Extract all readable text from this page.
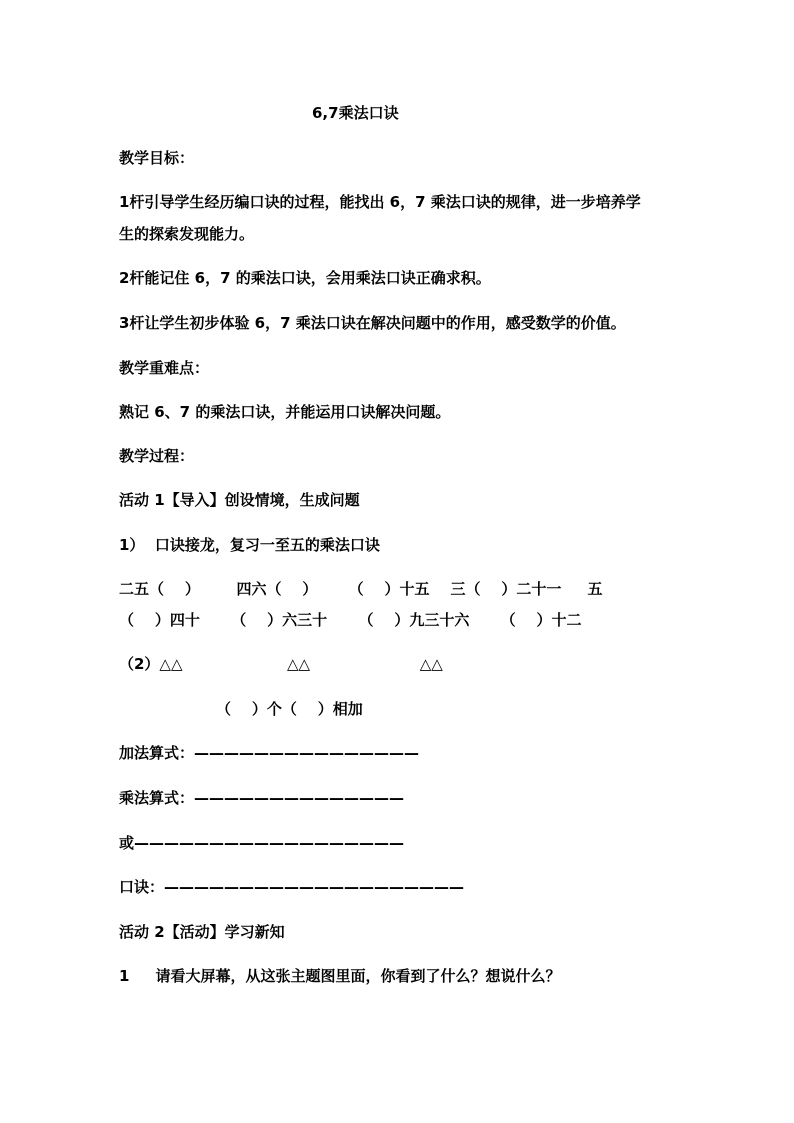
6,7乘法口诀

教学目标：

1杆引导学生经历编口诀的过程，能找出 6，7 乘法口诀的规律，进一步培养学

生的探索发现能力。

2杆能记住 6，7 的乘法口诀，会用乘法口诀正确求积。

3杆让学生初步体验 6，7 乘法口诀在解决问题中的作用，感受数学的价值。

教学重难点：

熟记 6、7 的乘法口诀，并能运用口诀解决问题。

教学过程：

活动 1【导入】创设情境，生成问题

1）  口诀接龙，复习一至五的乘法口诀

二五（    ）       四六（    ）      （    ）十五    三（    ）二十一     五

（    ）四十      （    ）六三十      （    ）九三十六      （    ）十二

（2）△△                    △△                     △△

（    ）个（    ）相加

加法算式：———————————————

乘法算式：——————————————

或——————————————————

口诀：————————————————————

活动 2【活动】学习新知

1     请看大屏幕，从这张主题图里面，你看到了什么？想说什么？
